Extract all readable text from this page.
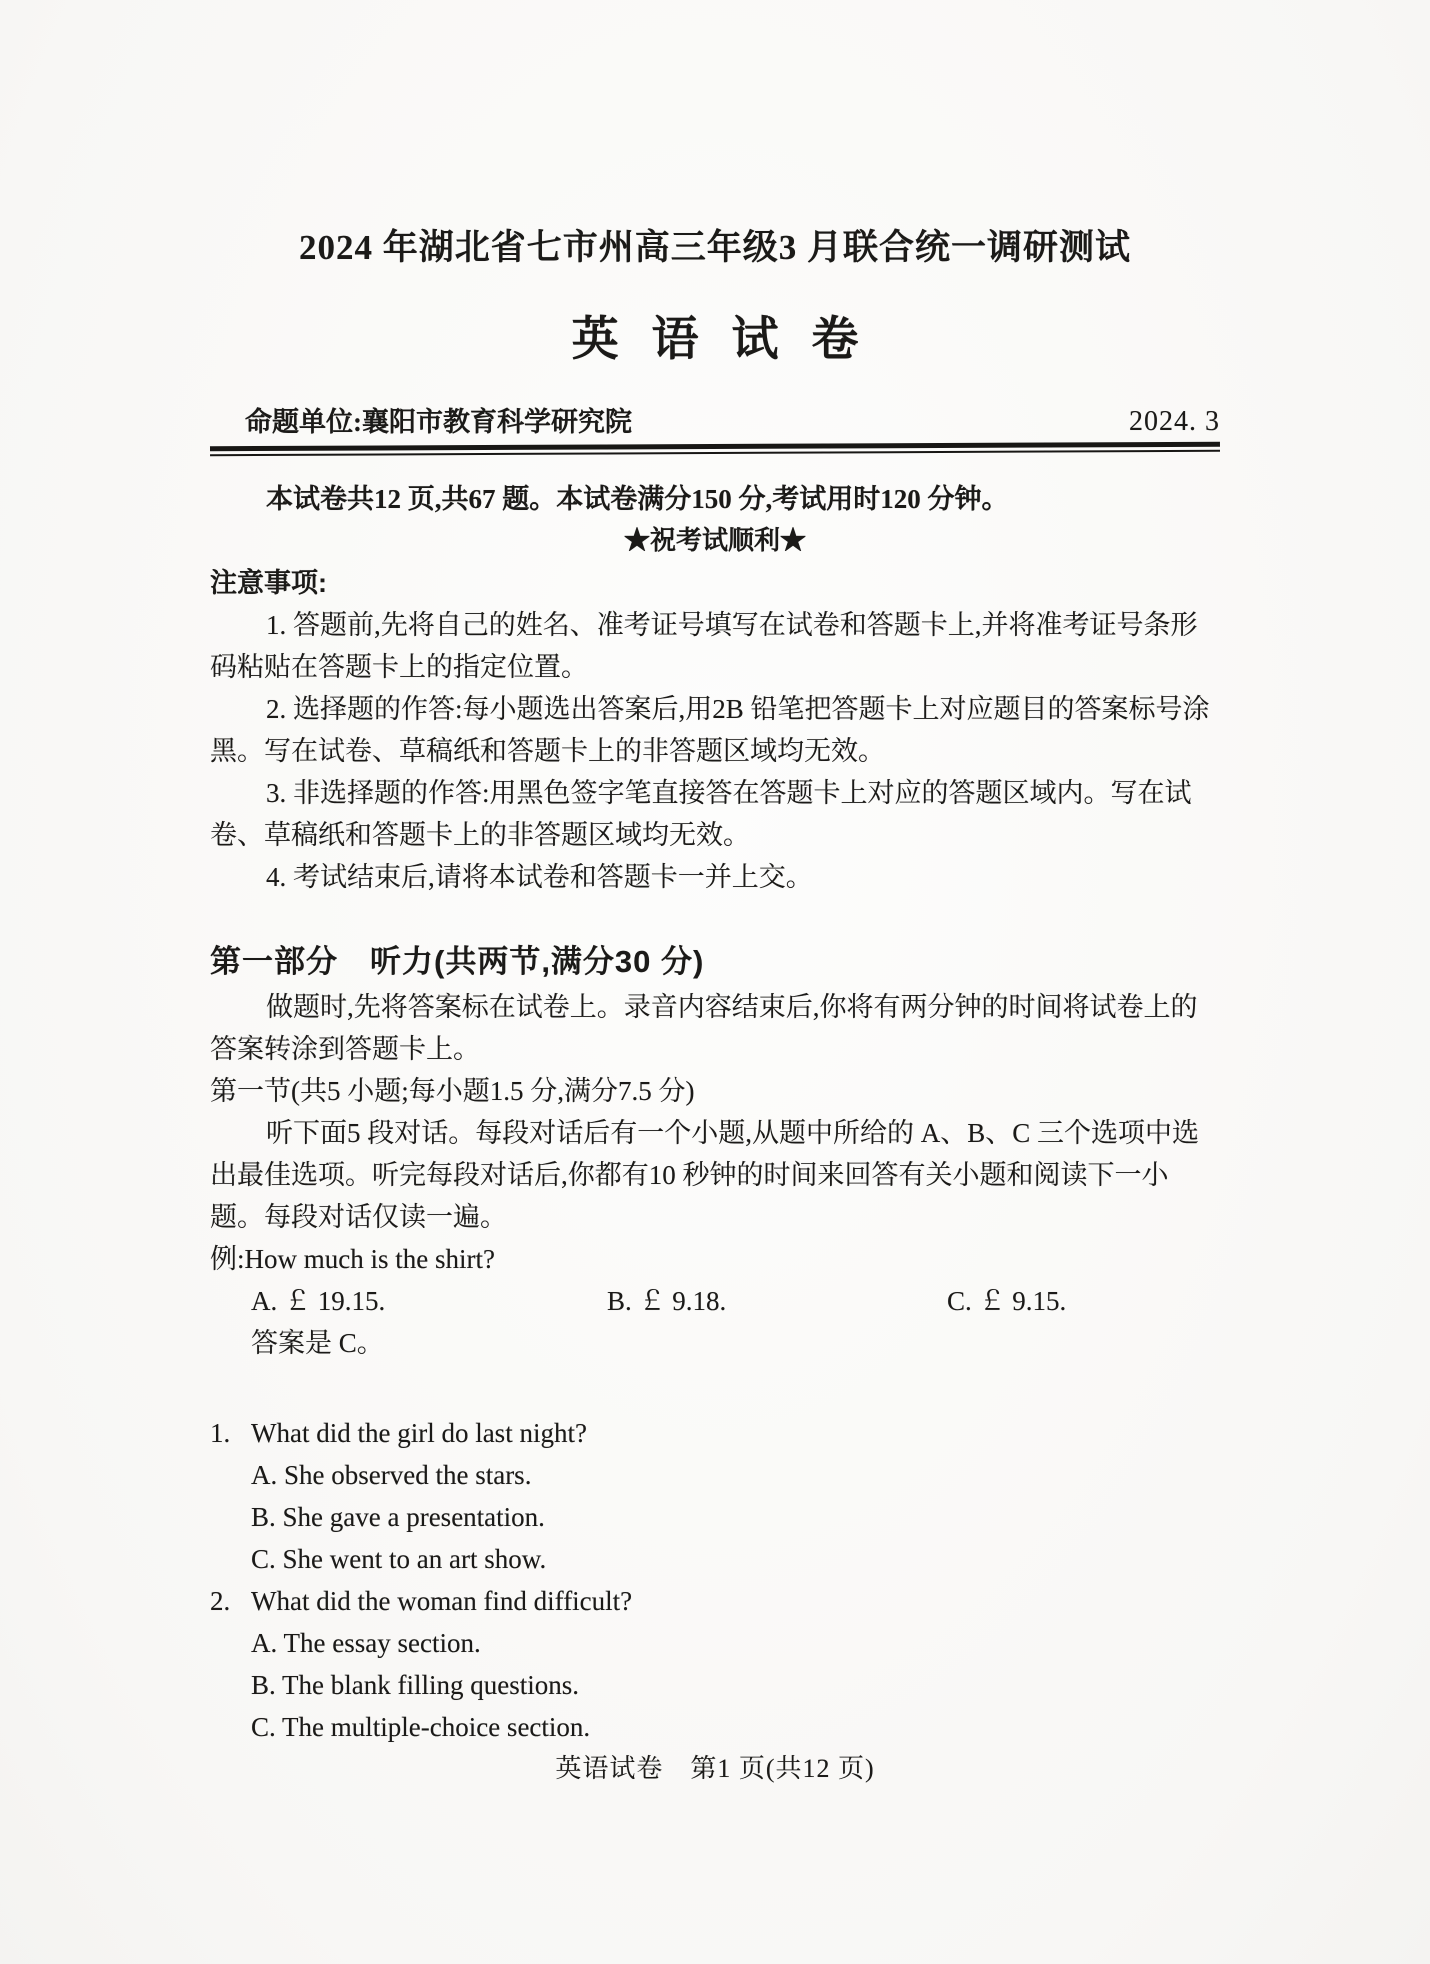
2024 年湖北省七市州高三年级3 月联合统一调研测试
英语试卷
命题单位:襄阳市教育科学研究院	2024. 3

本试卷共12 页,共67 题。本试卷满分150 分,考试用时120 分钟。

★祝考试顺利★

注意事项:

1. 答题前,先将自己的姓名、准考证号填写在试卷和答题卡上,并将准考证号条形码粘贴在答题卡上的指定位置。

2. 选择题的作答:每小题选出答案后,用2B 铅笔把答题卡上对应题目的答案标号涂黑。写在试卷、草稿纸和答题卡上的非答题区域均无效。

3. 非选择题的作答:用黑色签字笔直接答在答题卡上对应的答题区域内。写在试卷、草稿纸和答题卡上的非答题区域均无效。

4. 考试结束后,请将本试卷和答题卡一并上交。

第一部分　听力(共两节,满分30 分)

做题时,先将答案标在试卷上。录音内容结束后,你将有两分钟的时间将试卷上的答案转涂到答题卡上。

第一节(共5 小题;每小题1.5 分,满分7.5 分)

听下面5 段对话。每段对话后有一个小题,从题中所给的 A、B、C 三个选项中选出最佳选项。听完每段对话后,你都有10 秒钟的时间来回答有关小题和阅读下一小题。每段对话仅读一遍。

例:How much is the shirt?

A. ￡ 19.15.	B. ￡ 9.18.	C. ￡ 9.15.

答案是 C。

1. What did the girl do last night?

A. She observed the stars.

B. She gave a presentation.

C. She went to an art show.

2. What did the woman find difficult?

A. The essay section.

B. The blank filling questions.

C. The multiple-choice section.

英语试卷　第1 页(共12 页)
